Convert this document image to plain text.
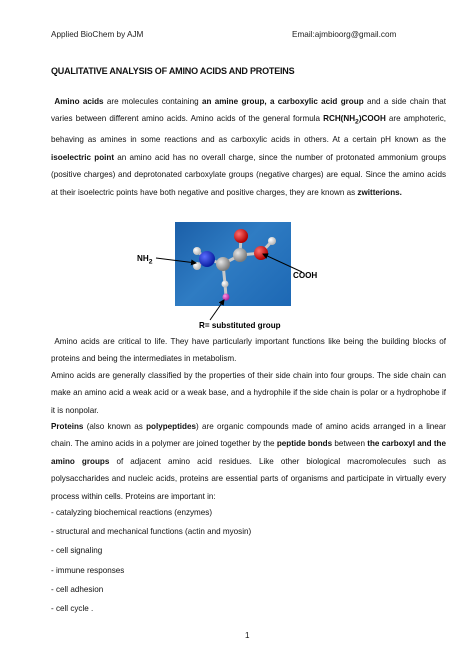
Applied BioChem by AJM	Email:ajmbioorg@gmail.com
QUALITATIVE ANALYSIS OF AMINO ACIDS AND PROTEINS

Amino acids are molecules containing an amine group, a carboxylic acid group and a side chain that varies between different amino acids. Amino acids of the general formula $RCH(NH_2)COOH$ are amphoteric, behaving as amines in some reactions and as carboxylic acids in others. At a certain pH known as the isoelectric point an amino acid has no overall charge, since the number of protonated ammonium groups (positive charges) and deprotonated carboxylate groups (negative charges) are equal. Since the amino acids at their isoelectric points have both negative and positive charges, they are known as zwitterions.

$NH_2$
COOH
R= substituted group

Amino acids are critical to life. They have particularly important functions like being the building blocks of proteins and being the intermediates in metabolism.

Amino acids are generally classified by the properties of their side chain into four groups. The side chain can make an amino acid a weak acid or a weak base, and a hydrophile if the side chain is polar or a hydrophobe if it is nonpolar.

Proteins (also known as polypeptides) are organic compounds made of amino acids arranged in a linear chain. The amino acids in a polymer are joined together by the peptide bonds between the carboxyl and the amino groups of adjacent amino acid residues. Like other biological macromolecules such as polysaccharides and nucleic acids, proteins are essential parts of organisms and participate in virtually every process within cells. Proteins are important in:

- catalyzing biochemical reactions (enzymes)
- structural and mechanical functions (actin and myosin)
- cell signaling
- immune responses
- cell adhesion
- cell cycle .
1
